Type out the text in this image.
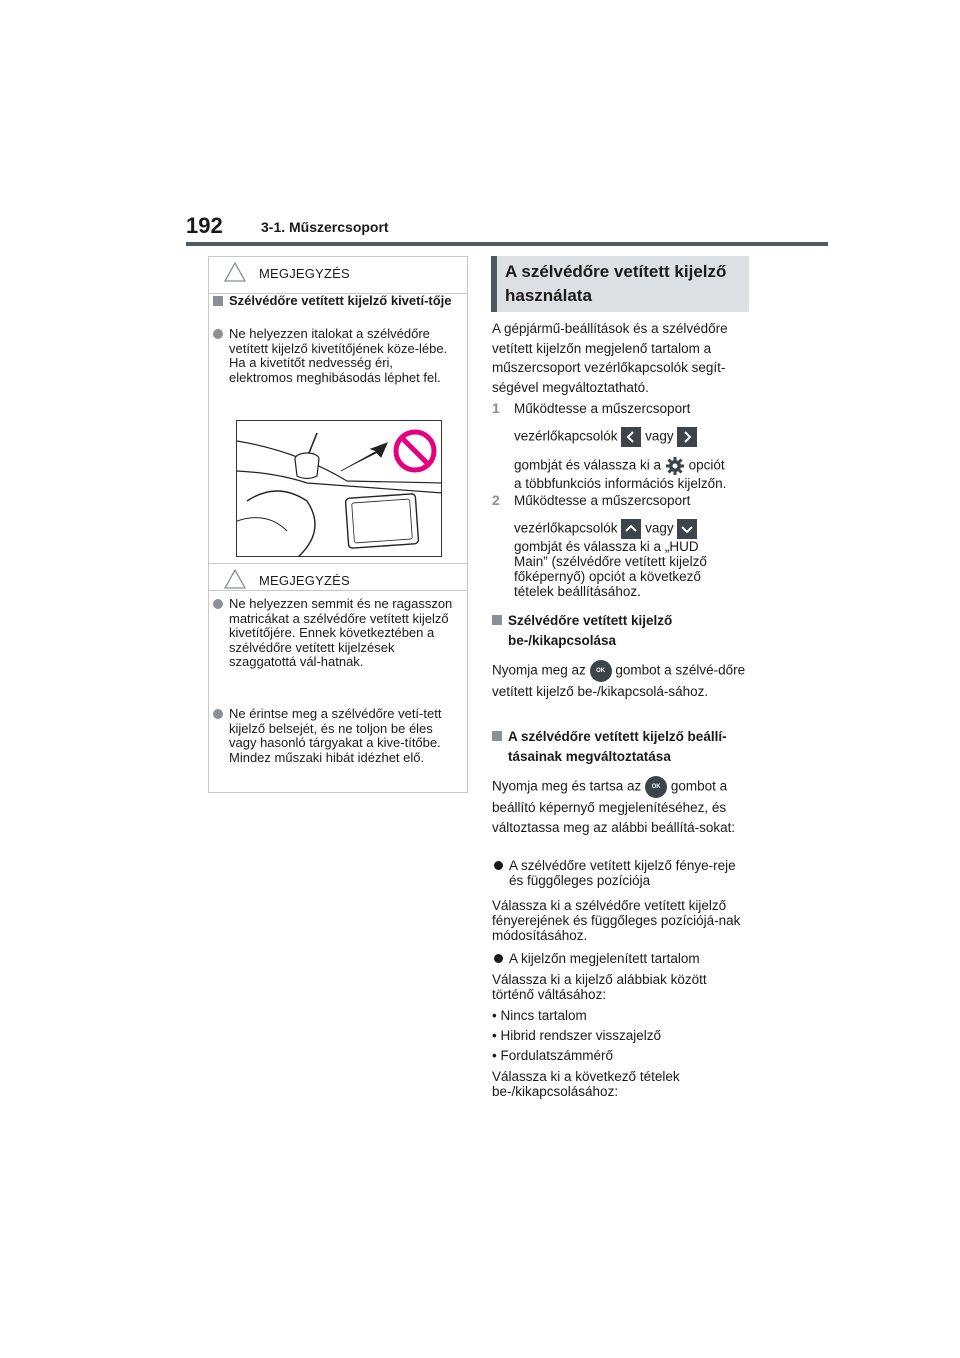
192	3-1. Műszercsoport
MEGJEGYZÉS
Szélvédőre vetített kijelző kivetí-tője
Ne helyezzen italokat a szélvédőre vetített kijelző kivetítőjének köze-lébe. Ha a kivetítőt nedvesség éri, elektromos meghibásodás léphet fel.
MEGJEGYZÉS
Ne helyezzen semmit és ne ragasszon matricákat a szélvédőre vetített kijelző kivetítőjére. Ennek következtében a szélvédőre vetített kijelzések szaggatottá vál-hatnak.
Ne érintse meg a szélvédőre vetí-tett kijelző belsejét, és ne toljon be éles vagy hasonló tárgyakat a kive-títőbe. Mindez műszaki hibát idézhet elő.
A szélvédőre vetített kijelző
használata
A gépjármű-beállítások és a szélvédőre vetített kijelzőn megjelenő tartalom a műszercsoport vezérlőkapcsolók segít-ségével megváltoztatható.
1 Működtesse a műszercsoport
vezérlőkapcsolók vagy
gombját és válassza ki a opciót
a többfunkciós információs kijelzőn.
2 Működtesse a műszercsoport
vezérlőkapcsolók vagy
gombját és válassza ki a „HUD Main” (szélvédőre vetített kijelző főképernyő) opciót a következő tételek beállításához.
Szélvédőre vetített kijelző be-/kikapcsolása
Nyomja meg az OK gombot a szélvé-dőre vetített kijelző be-/kikapcsolá-sához.
A szélvédőre vetített kijelző beállí-tásainak megváltoztatása
Nyomja meg és tartsa az OK gombot a beállító képernyő megjelenítéséhez, és változtassa meg az alábbi beállítá-sokat:
A szélvédőre vetített kijelző fénye-reje és függőleges pozíciója
Válassza ki a szélvédőre vetített kijelző fényerejének és függőleges pozíciójá-nak módosításához.
A kijelzőn megjelenített tartalom
Válassza ki a kijelző alábbiak között történő váltásához:
• Nincs tartalom
• Hibrid rendszer visszajelző
• Fordulatszámmérő
Válassza ki a következő tételek be-/kikapcsolásához:
